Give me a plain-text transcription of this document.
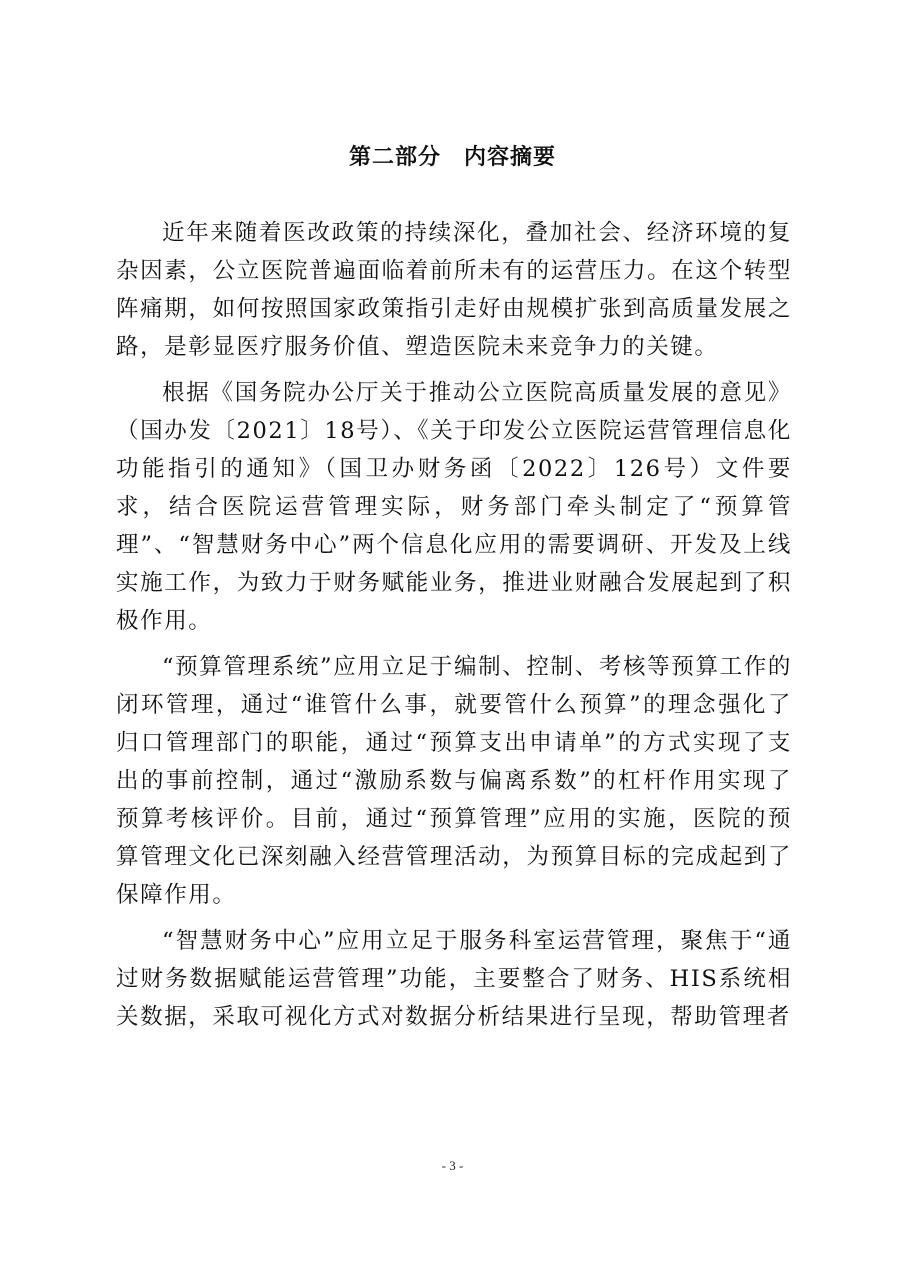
第二部分　内容摘要

近年来随着医改政策的持续深化，叠加社会、经济环境的复杂因素，公立医院普遍面临着前所未有的运营压力。在这个转型阵痛期，如何按照国家政策指引走好由规模扩张到高质量发展之路，是彰显医疗服务价值、塑造医院未来竞争力的关键。

根据《国务院办公厅关于推动公立医院高质量发展的意见》（国办发〔2021〕18号）、《关于印发公立医院运营管理信息化功能指引的通知》（国卫办财务函〔2022〕126号）文件要求，结合医院运营管理实际，财务部门牵头制定了“预算管理”、“智慧财务中心”两个信息化应用的需要调研、开发及上线实施工作，为致力于财务赋能业务，推进业财融合发展起到了积极作用。

“预算管理系统”应用立足于编制、控制、考核等预算工作的闭环管理，通过“谁管什么事，就要管什么预算”的理念强化了归口管理部门的职能，通过“预算支出申请单”的方式实现了支出的事前控制，通过“激励系数与偏离系数”的杠杆作用实现了预算考核评价。目前，通过“预算管理”应用的实施，医院的预算管理文化已深刻融入经营管理活动，为预算目标的完成起到了保障作用。

“智慧财务中心”应用立足于服务科室运营管理，聚焦于“通过财务数据赋能运营管理”功能，主要整合了财务、HIS系统相关数据，采取可视化方式对数据分析结果进行呈现，帮助管理者

- 3 -
